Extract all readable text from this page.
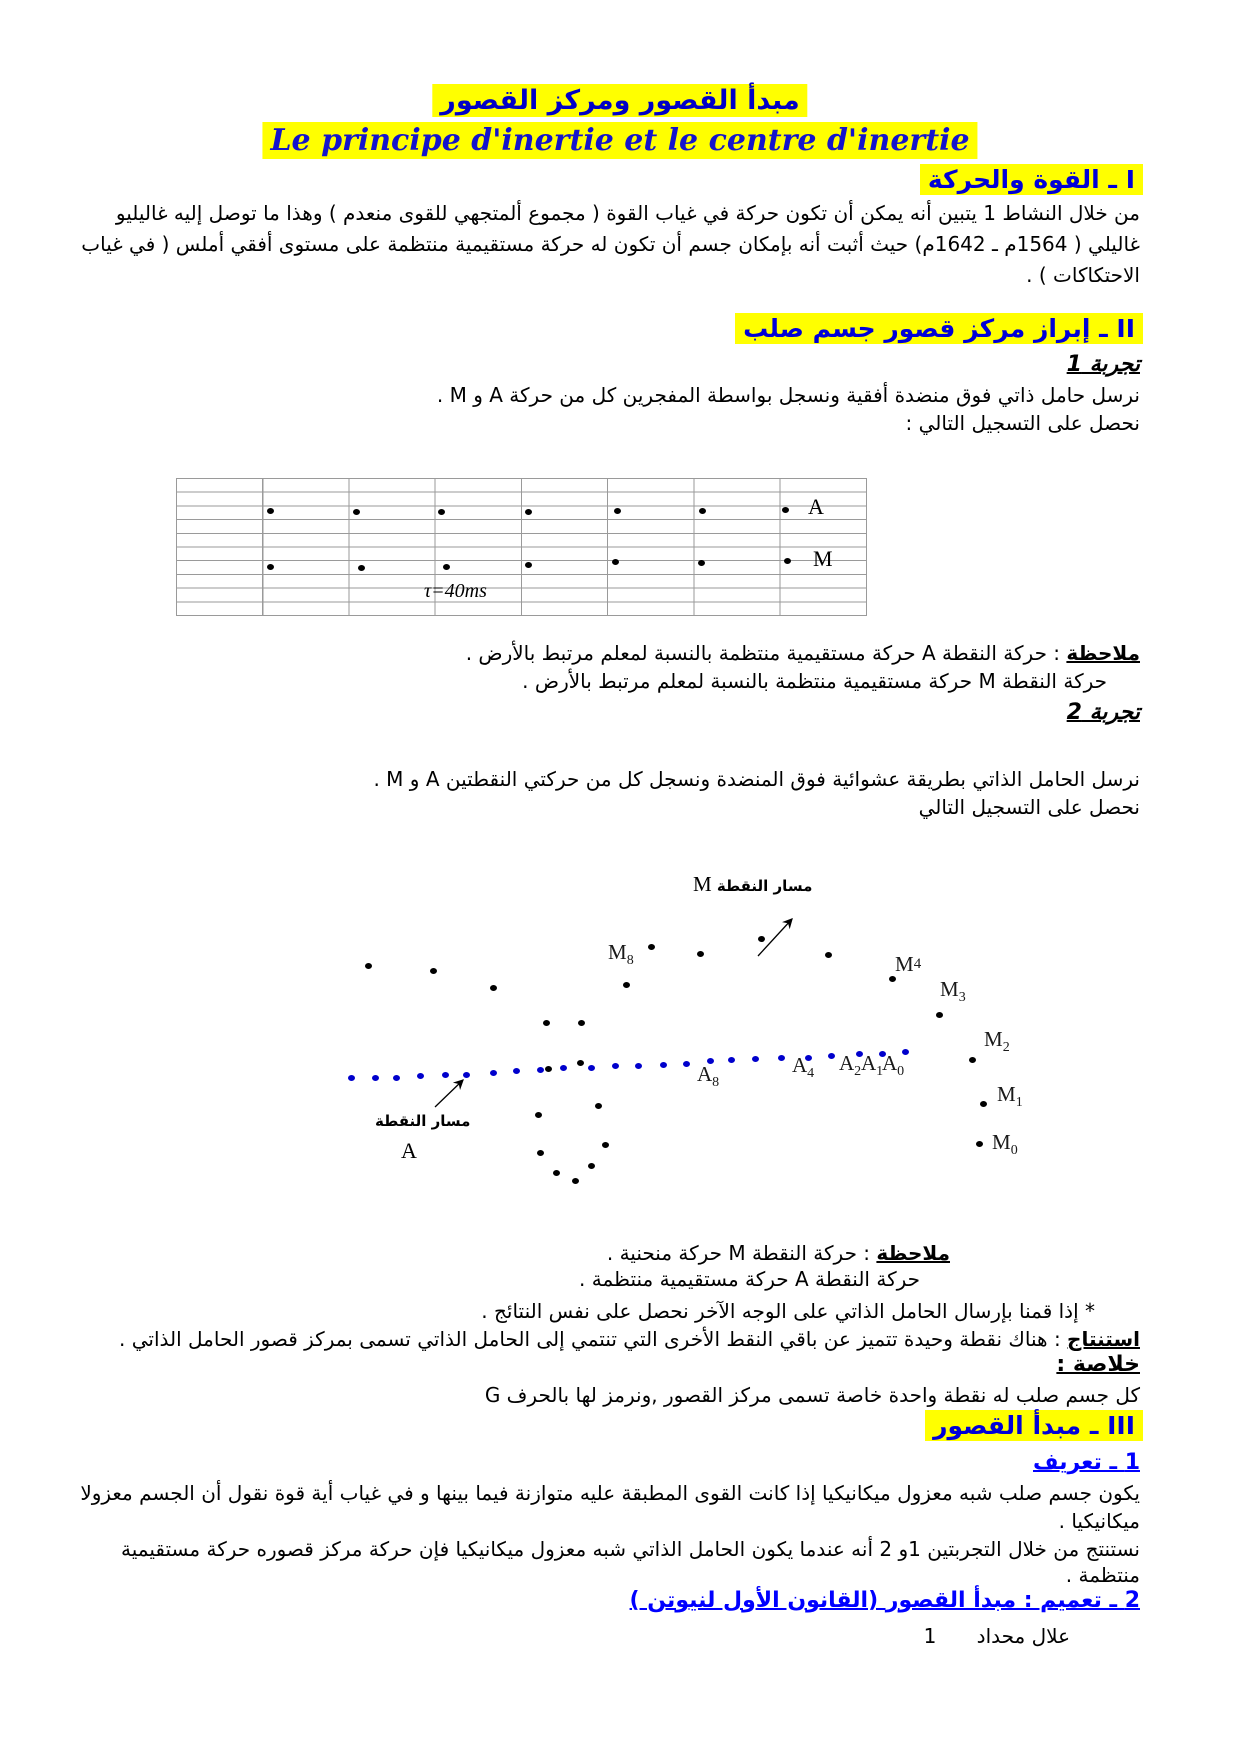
مبدأ القصور ومركز القصور
Le principe d'inertie et le centre d'inertie
I ـ القوة والحركة
من خلال النشاط 1 يتبين أنه يمكن أن تكون حركة في غياب القوة ( مجموع ألمتجهي للقوى منعدم ) وهذا ما توصل إليه غاليليو
غاليلي ( 1564م ـ 1642م) حيث أثبت أنه بإمكان جسم أن تكون له حركة مستقيمية منتظمة على مستوى أفقي أملس ( في غياب
الاحتكاكات ) .
II ـ إبراز مركز قصور جسم صلب
تجربة 1
نرسل حامل ذاتي فوق منضدة أفقية ونسجل بواسطة المفجرين كل من حركة A و M .
نحصل على التسجيل التالي :
A
M
τ=40ms
ملاحظة : حركة النقطة A حركة مستقيمية منتظمة بالنسبة لمعلم مرتبط بالأرض .
حركة النقطة M حركة مستقيمية منتظمة بالنسبة لمعلم مرتبط بالأرض .
تجربة 2
نرسل الحامل الذاتي بطريقة عشوائية فوق المنضدة ونسجل كل من حركتي النقطتين A و M .
نحصل على التسجيل التالي
مسار النقطة M
مسار النقطة
A
$M_8$	$M_4$
$M_3$
$M_2$
$M_1$
$M_0$
$A_8$
$A_4$ $A_2$ $A_1$
$A_0$
ملاحظة : حركة النقطة M حركة منحنية .
حركة النقطة A حركة مستقيمية منتظمة .
* إذا قمنا بإرسال الحامل الذاتي على الوجه الآخر نحصل على نفس النتائج .
استنتاج : هناك نقطة وحيدة تتميز عن باقي النقط الأخرى التي تنتمي إلى الحامل الذاتي تسمى بمركز قصور الحامل الذاتي .
خلاصة :
كل جسم صلب له نقطة واحدة خاصة تسمى مركز القصور ,ونرمز لها بالحرف G
III ـ مبدأ القصور
1 ـ تعريف
يكون جسم صلب شبه معزول ميكانيكيا إذا كانت القوى المطبقة عليه متوازنة فيما بينها و في غياب أية قوة نقول أن الجسم معزولا
ميكانيكيا .
نستنتج من خلال التجربتين 1و 2 أنه عندما يكون الحامل الذاتي شبه معزول ميكانيكيا فإن حركة مركز قصوره حركة مستقيمية
منتظمة .
2 ـ تعميم : مبدأ القصور (القانون الأول لنيوتن )
1 علال محداد
